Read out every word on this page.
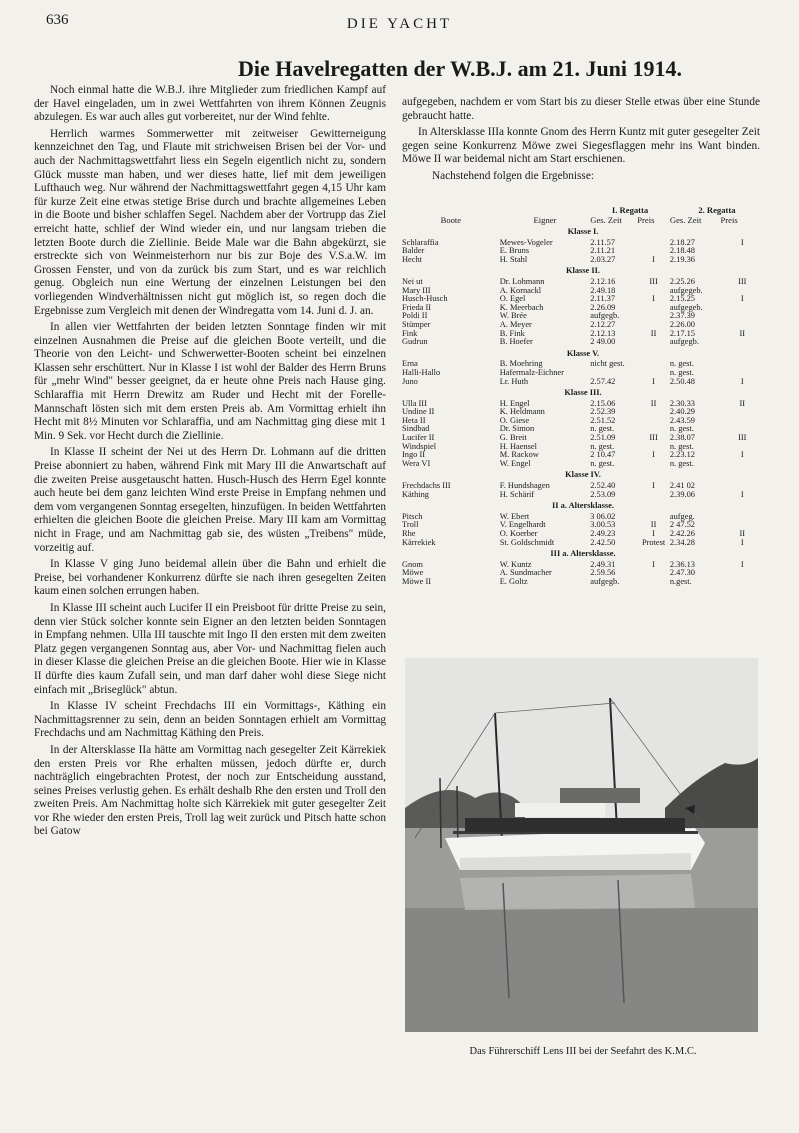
636	DIE YACHT
Die Havelregatten der W.B.J. am 21. Juni 1914.

Noch einmal hatte die W.B.J. ihre Mitglieder zum friedlichen Kampf auf der Havel eingeladen, um in zwei Wettfahrten von ihrem Können Zeugnis abzulegen. Es war auch alles gut vorbereitet, nur der Wind fehlte.

Herrlich warmes Sommerwetter mit zeitweiser Gewitterneigung kennzeichnet den Tag, und Flaute mit strichweisen Brisen bei der Vor- und auch der Nachmittagswettfahrt liess ein Segeln eigentlich nicht zu, sondern Glück musste man haben, und wer dieses hatte, lief mit dem jeweiligen Lufthauch weg. Nur während der Nachmittagswettfahrt gegen 4,15 Uhr kam für kurze Zeit eine etwas stetige Brise durch und brachte allgemeines Leben in die Boote und bisher schlaffen Segel. Nachdem aber der Vortrupp das Ziel erreicht hatte, schlief der Wind wieder ein, und nur langsam trieben die letzten Boote durch die Ziellinie. Beide Male war die Bahn abgekürzt, sie erstreckte sich von Weinmeisterhorn nur bis zur Boje des V.S.a.W. im Grossen Fenster, und von da zurück bis zum Start, und es war reichlich genug. Obgleich nun eine Wertung der einzelnen Leistungen bei den vorliegenden Windverhältnissen nicht gut möglich ist, so regen doch die Ergebnisse zum Vergleich mit denen der Windregatta vom 14. Juni d. J. an.

In allen vier Wettfahrten der beiden letzten Sonntage finden wir mit einzelnen Ausnahmen die Preise auf die gleichen Boote verteilt, und die Theorie von den Leicht- und Schwerwetter-Booten scheint bei einzelnen Klassen sehr erschüttert. Nur in Klasse I ist wohl der Balder des Herrn Bruns für „mehr Wind" besser geeignet, da er heute ohne Preis nach Hause ging. Schlaraffia mit Herrn Drewitz am Ruder und Hecht mit der Forelle-Mannschaft lösten sich mit dem ersten Preis ab. Am Vormittag erhielt ihn Hecht mit 8½ Minuten vor Schlaraffia, und am Nachmittag ging diese mit 1 Min. 9 Sek. vor Hecht durch die Ziellinie.

In Klasse II scheint der Nei ut des Herrn Dr. Lohmann auf die dritten Preise abonniert zu haben, während Fink mit Mary III die Anwartschaft auf die zweiten Preise ausgetauscht hatten. Husch-Husch des Herrn Egel konnte auch heute bei dem ganz leichten Wind erste Preise in Empfang nehmen und dem vom vergangenen Sonntag ersegelten, hinzufügen. In beiden Wettfahrten erhielten die gleichen Boote die gleichen Preise. Mary III kam am Vormittag nicht in Frage, und am Nachmittag gab sie, des wüsten „Treibens" müde, vorzeitig auf.

In Klasse V ging Juno beidemal allein über die Bahn und erhielt die Preise, bei vorhandener Konkurrenz dürfte sie nach ihren gesegelten Zeiten kaum einen solchen errungen haben.

In Klasse III scheint auch Lucifer II ein Preisboot für dritte Preise zu sein, denn vier Stück solcher konnte sein Eigner an den letzten beiden Sonntagen in Empfang nehmen. Ulla III tauschte mit Ingo II den ersten mit dem zweiten Platz gegen vergangenen Sonntag aus, aber Vor- und Nachmittag fielen auch in dieser Klasse die gleichen Preise an die gleichen Boote. Hier wie in Klasse II dürfte dies kaum Zufall sein, und man darf daher wohl diese Siege nicht einfach mit „Briseglück" abtun.

In Klasse IV scheint Frechdachs III ein Vormittags-, Käthing ein Nachmittagsrenner zu sein, denn an beiden Sonntagen erhielt am Vormittag Frechdachs und am Nachmittag Käthing den Preis.

In der Altersklasse IIa hätte am Vormittag nach gesegelter Zeit Kärrekiek den ersten Preis vor Rhe erhalten müssen, jedoch dürfte er, durch nachträglich eingebrachten Protest, der noch zur Entscheidung ausstand, seines Preises verlustig gehen. Es erhält deshalb Rhe den ersten und Troll den zweiten Preis. Am Nachmittag holte sich Kärrekiek mit guter gesegelter Zeit vor Rhe wieder den ersten Preis, Troll lag weit zurück und Pitsch hatte schon bei Gatow

aufgegeben, nachdem er vom Start bis zu dieser Stelle etwas über eine Stunde gebraucht hatte.

In Altersklasse IIIa konnte Gnom des Herrn Kuntz mit guter gesegelter Zeit gegen seine Konkurrenz Möwe zwei Siegesflaggen mehr ins Want binden. Möwe II war beidemal nicht am Start erschienen.

Nachstehend folgen die Ergebnisse:

		I. Regatta		2. Regatta	
Boote	Eigner	Ges. Zeit	Preis	Ges. Zeit	Preis
Klasse I.					
Schlaraffia	Mewes-Vogeler	2.11.57		2.18.27	I
Balder	E. Bruns	2.11.21		2.18.48	
Hecht	H. Stahl	2.03.27	I	2.19.36	
Klasse II.					
Nei ut	Dr. Lohmann	2.12.16	III	2.25.26	III
Mary III	A. Kornackl	2.49.18		aufgegeb.	
Husch-Husch	O. Egel	2.11.37	I	2.15.25	I
Frieda II	K. Meerbach	2.26.09		aufgegeb.	
Poldi II	W. Brée	aufgegb.		2.37.39	
Stümper	A. Meyer	2.12.27		2.26.00	
Fink	B. Fink	2.12.13	II	2.17.15	II
Gudrun	B. Hoefer	2 49.00		aufgegb.	
Klasse V.					
Erna	B. Moehring	nicht gest.		n. gest.	
Halli-Hallo	Hafermalz-Eichner			n. gest.	
Juno	Lr. Huth	2.57.42	I	2.50.48	I
Klasse III.					
Ulla III	H. Engel	2.15.06	II	2.30.33	II
Undine II	K. Heldmann	2.52.39		2.40.29	
Heta II	O. Giese	2.51.52		2.43.59	
Sindbad	Dr. Simon	n. gest.		n. gest.	
Lucifer II	G. Breit	2.51.09	III	2.38.07	III
Windspiel	H. Haensel	n. gest.		n. gest.	
Ingo II	M. Rackow	2 10.47	I	2.23.12	I
Wera VI	W. Engel	n. gest.		n. gest.	
Klasse IV.					
Frechdachs III	F. Hundshagen	2.52.40	I	2.41 02	
Käthing	H. Schärif	2.53.09		2.39.06	I
II a. Altersklasse.					
Pitsch	W. Ebert	3 06.02		aufgeg.	
Troll	V. Engelhardt	3.00.53	II	2 47.52	
Rhe	O. Koerber	2.49.23	I	2.42.26	II
Kärrekiek	St. Goldschmidt	2.42.50	Protest	2.34.28	I
III a. Altersklasse.					
Gnom	W. Kuntz	2.49.31	I	2.36.13	I
Möwe	A. Sundmacher	2.59.56		2.47.30	
Möwe II	E. Goltz	aufgegb.		n.gest.	
Das Führerschiff Lens III bei der Seefahrt des K.M.C.
